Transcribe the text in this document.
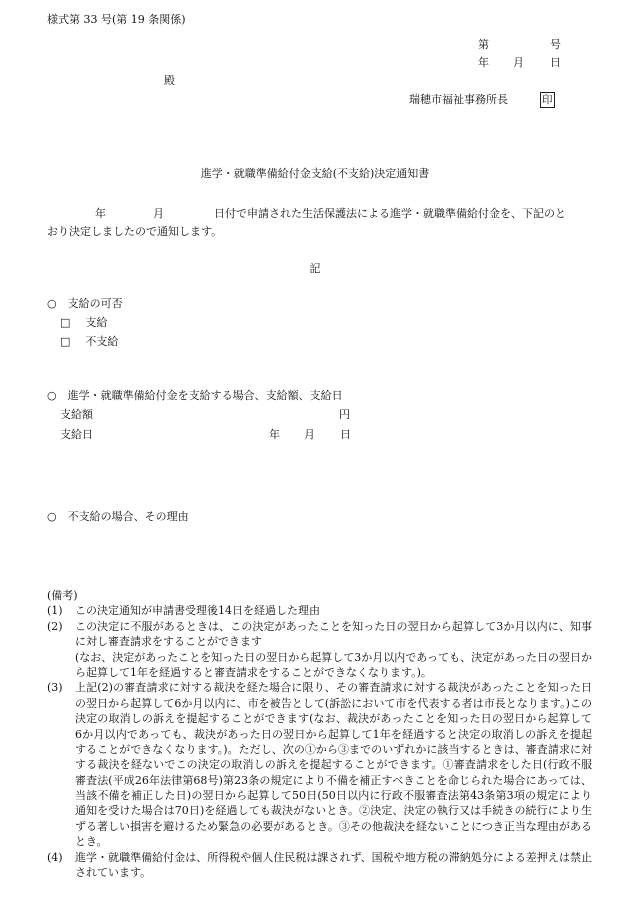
様式第 33 号(第 19 条関係)
第	号
年 月 日
殿
瑞穂市福祉事務所長	印
進学・就職準備給付金支給(不支給)決定通知書
年	月	日付で申請された生活保護法による進学・就職準備給付金を、下記のと
おり決定しましたので通知します。
記
○　支給の可否
□ 支給
□ 不支給
○　進学・就職準備給付金を支給する場合、支給額、支給日
支給額	円
支給日	年 月 日
○　不支給の場合、その理由
(備考)
(1)	この決定通知が申請書受理後14日を経過した理由
(2)	この決定に不服があるときは、この決定があったことを知った日の翌日から起算して3か月以内に、知事に対し審査請求をすることができます
(なお、決定があったことを知った日の翌日から起算して3か月以内であっても、決定があった日の翌日から起算して1年を経過すると審査請求をすることができなくなります。)。
(3)	上記(2)の審査請求に対する裁決を経た場合に限り、その審査請求に対する裁決があったことを知った日の翌日から起算して6か月以内に、市を被告として(訴訟において市を代表する者は市長となります。)この決定の取消しの訴えを提起することができます(なお、裁決があったことを知った日の翌日から起算して6か月以内であっても、裁決があった日の翌日から起算して1年を経過すると決定の取消しの訴えを提起することができなくなります。)。ただし、次の①から③までのいずれかに該当するときは、審査請求に対する裁決を経ないでこの決定の取消しの訴えを提起することができます。①審査請求をした日(行政不服審査法(平成26年法律第68号)第23条の規定により不備を補正すべきことを命じられた場合にあっては、当該不備を補正した日)の翌日から起算して50日(50日以内に行政不服審査法第43条第3項の規定により通知を受けた場合は70日)を経過しても裁決がないとき。②決定、決定の執行又は手続きの続行により生ずる著しい損害を避けるため緊急の必要があるとき。③その他裁決を経ないことにつき正当な理由があるとき。
(4)	進学・就職準備給付金は、所得税や個人住民税は課されず、国税や地方税の滞納処分による差押えは禁止されています。
